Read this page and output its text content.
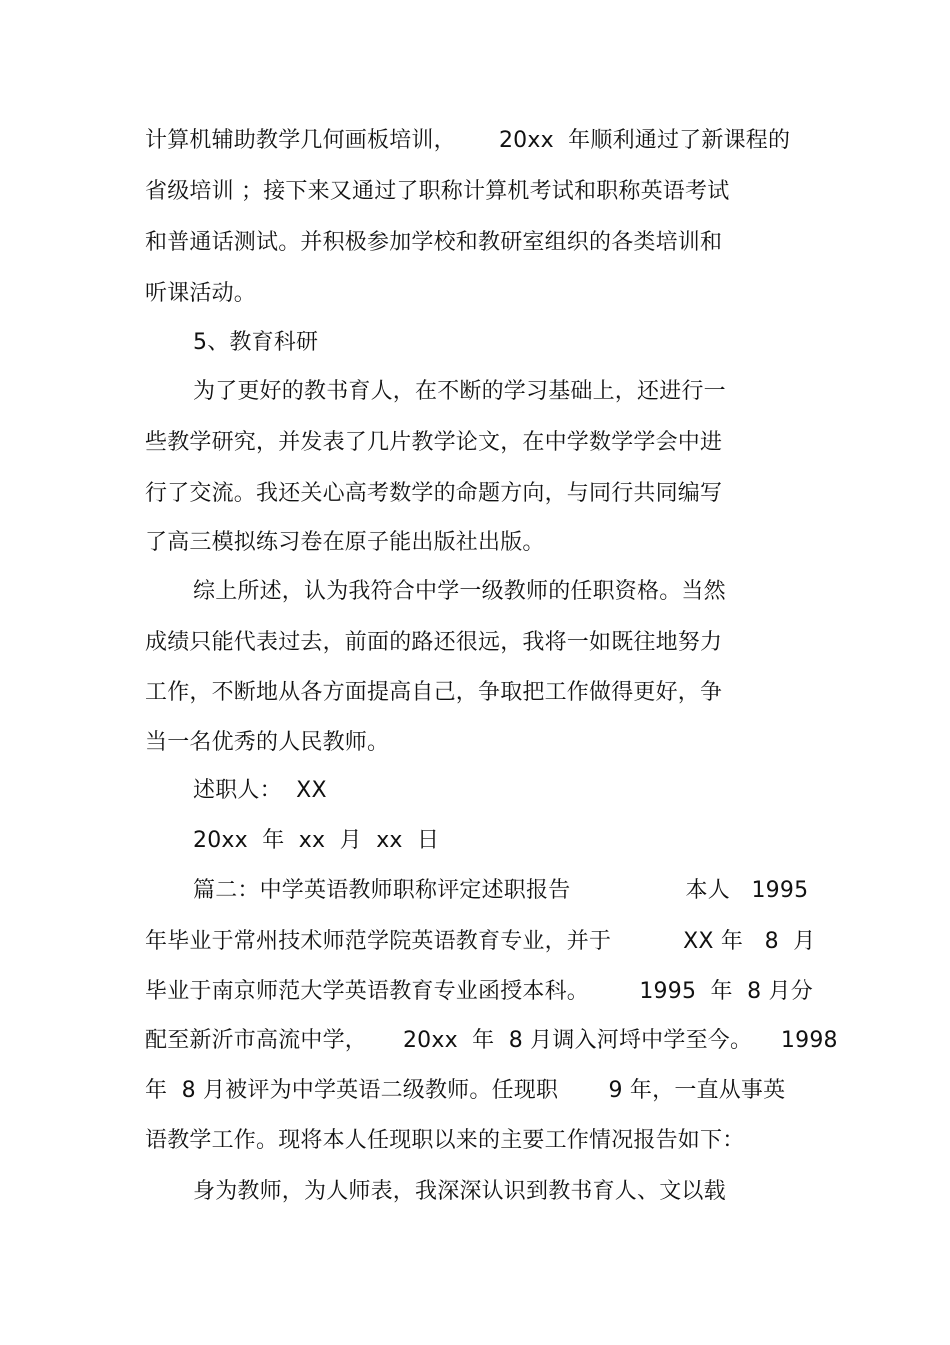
计算机辅助教学几何画板培训，      20xx  年顺利通过了新课程的
省级培训 ；接下来又通过了职称计算机考试和职称英语考试
和普通话测试。并积极参加学校和教研室组织的各类培训和
听课活动。
5、教育科研
为了更好的教书育人，在不断的学习基础上，还进行一
些教学研究，并发表了几片教学论文，在中学数学学会中进
行了交流。我还关心高考数学的命题方向，与同行共同编写
了高三模拟练习卷在原子能出版社出版。
综上所述，认为我符合中学一级教师的任职资格。当然
成绩只能代表过去，前面的路还很远，我将一如既往地努力
工作，不断地从各方面提高自己，争取把工作做得更好，争
当一名优秀的人民教师。
述职人：  XX
20xx  年  xx  月  xx  日
篇二：中学英语教师职称评定述职报告                本人   1995
年毕业于常州技术师范学院英语教育专业，并于          XX 年   8  月
毕业于南京师范大学英语教育专业函授本科。       1995  年  8 月分
配至新沂市高流中学，     20xx  年  8 月调入河埒中学至今。    1998
年  8 月被评为中学英语二级教师。任现职       9 年，一直从事英
语教学工作。现将本人任现职以来的主要工作情况报告如下：
身为教师，为人师表，我深深认识到教书育人、文以载
